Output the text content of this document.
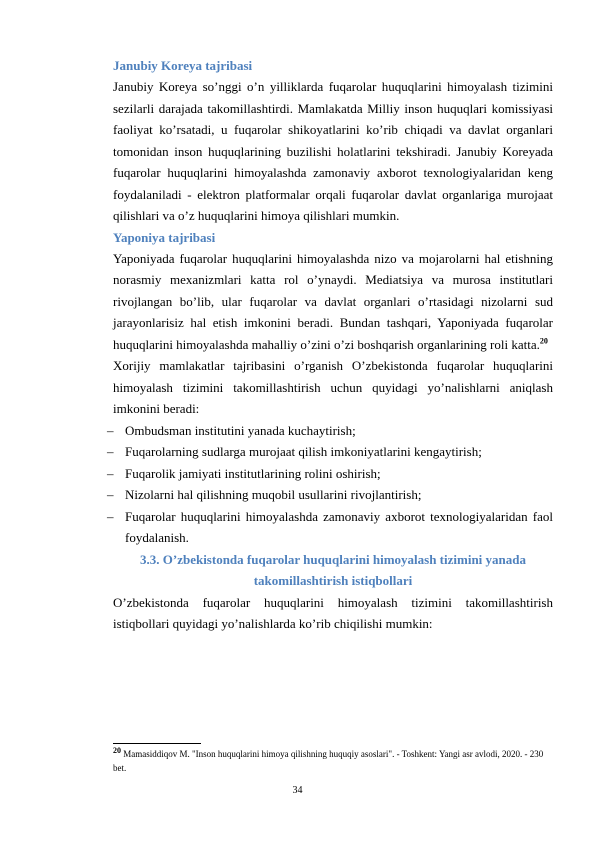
Janubiy Koreya tajribasi

Janubiy Koreya so’nggi o’n yilliklarda fuqarolar huquqlarini himoyalash tizimini sezilarli darajada takomillashtirdi. Mamlakatda Milliy inson huquqlari komissiyasi faoliyat ko’rsatadi, u fuqarolar shikoyatlarini ko’rib chiqadi va davlat organlari tomonidan inson huquqlarining buzilishi holatlarini tekshiradi. Janubiy Koreyada fuqarolar huquqlarini himoyalashda zamonaviy axborot texnologiyalaridan keng foydalaniladi - elektron platformalar orqali fuqarolar davlat organlariga murojaat qilishlari va o’z huquqlarini himoya qilishlari mumkin.

Yaponiya tajribasi

Yaponiyada fuqarolar huquqlarini himoyalashda nizo va mojarolarni hal etishning norasmiy mexanizmlari katta rol o’ynaydi. Mediatsiya va murosa institutlari rivojlangan bo’lib, ular fuqarolar va davlat organlari o’rtasidagi nizolarni sud jarayonlarisiz hal etish imkonini beradi. Bundan tashqari, Yaponiyada fuqarolar huquqlarini himoyalashda mahalliy o’zini o’zi boshqarish organlarining roli katta.$^{20}$

Xorijiy mamlakatlar tajribasini o’rganish O’zbekistonda fuqarolar huquqlarini himoyalash tizimini takomillashtirish uchun quyidagi yo’nalishlarni aniqlash imkonini beradi:

– Ombudsman institutini yanada kuchaytirish;

– Fuqarolarning sudlarga murojaat qilish imkoniyatlarini kengaytirish;

– Fuqarolik jamiyati institutlarining rolini oshirish;

– Nizolarni hal qilishning muqobil usullarini rivojlantirish;

– Fuqarolar huquqlarini himoyalashda zamonaviy axborot texnologiyalaridan faol foydalanish.

3.3. O’zbekistonda fuqarolar huquqlarini himoyalash tizimini yanada

takomillashtirish istiqbollari

O’zbekistonda fuqarolar huquqlarini himoyalash tizimini takomillashtirish istiqbollari quyidagi yo’nalishlarda ko’rib chiqilishi mumkin:

$^{20}$ Mamasiddiqov M. "Inson huquqlarini himoya qilishning huquqiy asoslari". - Toshkent: Yangi asr avlodi, 2020. - 230 bet.
34
